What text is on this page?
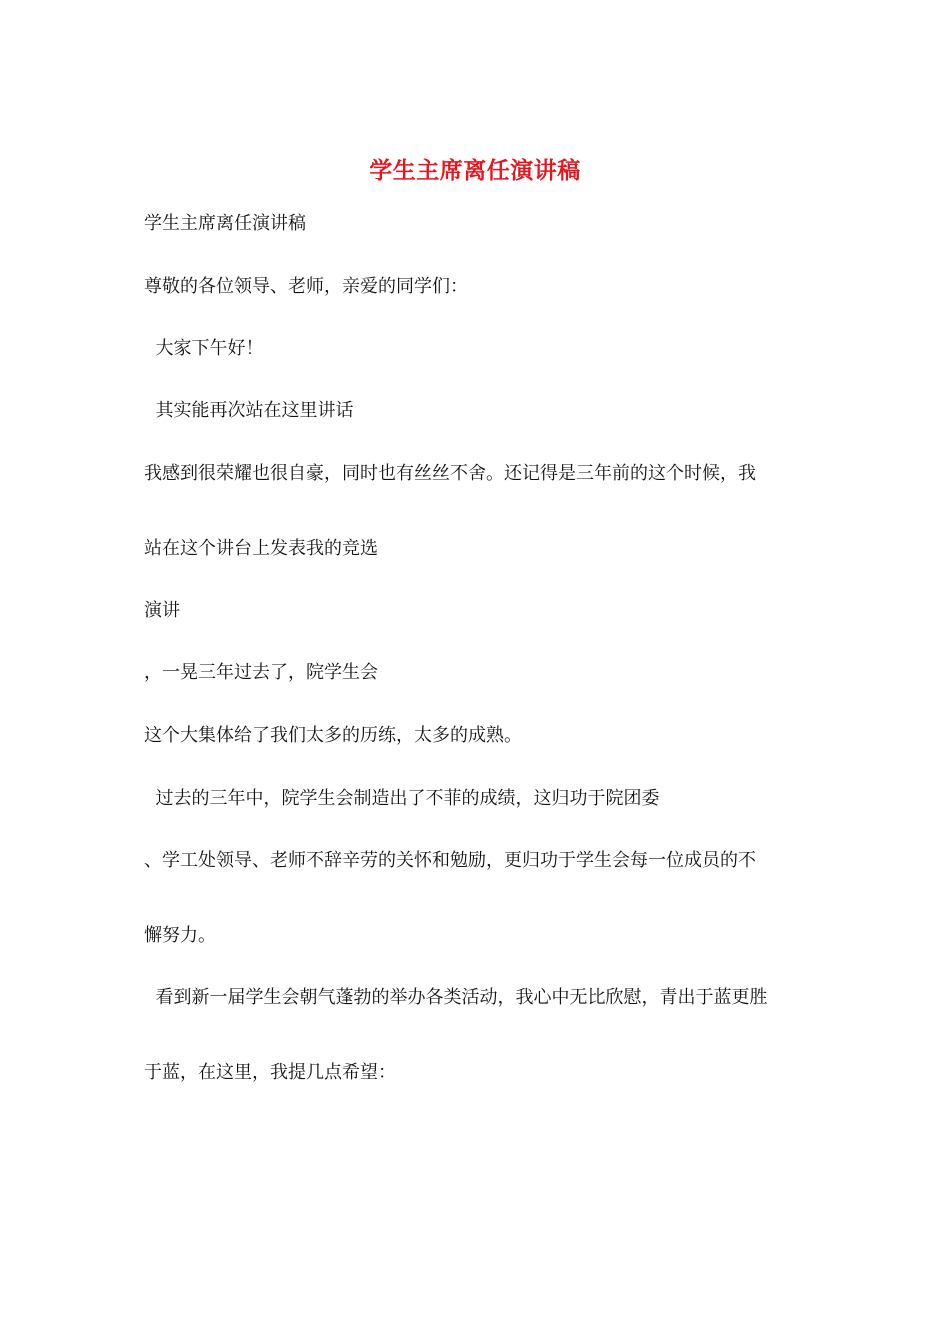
学生主席离任演讲稿
学生主席离任演讲稿
尊敬的各位领导、老师，亲爱的同学们：
大家下午好！
其实能再次站在这里讲话
我感到很荣耀也很自豪，同时也有丝丝不舍。还记得是三年前的这个时候，我
站在这个讲台上发表我的竞选
演讲
，一晃三年过去了，院学生会
这个大集体给了我们太多的历练，太多的成熟。
过去的三年中，院学生会制造出了不菲的成绩，这归功于院团委
、学工处领导、老师不辞辛劳的关怀和勉励，更归功于学生会每一位成员的不
懈努力。
看到新一届学生会朝气蓬勃的举办各类活动，我心中无比欣慰，青出于蓝更胜
于蓝，在这里，我提几点希望：
